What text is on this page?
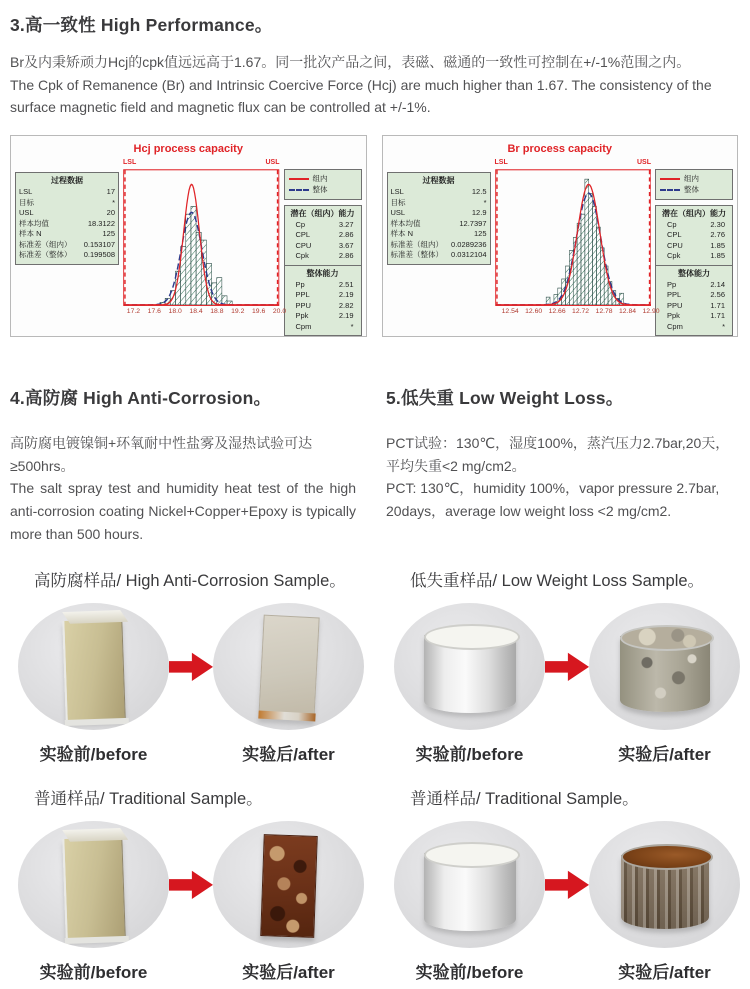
3.高一致性 High Performance。

Br及内秉矫顽力Hcj的cpk值远远高于1.67。同一批次产品之间，表磁、磁通的一致性可控制在+/-1%范围之内。

The Cpk of Remanence (Br) and Intrinsic Coercive Force (Hcj) are much higher than 1.67. The consistency of the surface magnetic field and magnetic flux can be controlled at +/-1%.

Hcj process capacity
过程数据
LSL	17
目标	*
USL	20
样本均值	18.3122
样本 N	125
标准差（组内） 0.153107
标准差（整体） 0.199508
LSL	USL
17.2 17.6 18.0 18.4 18.8 19.2 19.6 20.0
组内
整体
潜在（组内）能力
Cp	3.27
CPL	2.86
CPU	3.67
Cpk	2.86
整体能力
Pp	2.51
PPL	2.19
PPU	2.82
Ppk	2.19
Cpm	*
Br process capacity
过程数据
LSL	12.5
目标	*
USL	12.9
样本均值	12.7397
样本 N	125
标准差（组内） 0.0289236
标准差（整体） 0.0312104
LSL	USL
12.54 12.60 12.66 12.72 12.78 12.84 12.90
组内
整体
潜在（组内）能力
Cp	2.30
CPL	2.76
CPU	1.85
Cpk	1.85
整体能力
Pp	2.14
PPL	2.56
PPU	1.71
Ppk	1.71
Cpm	*
4.高防腐 High Anti-Corrosion。

高防腐电镀镍铜+环氧耐中性盐雾及湿热试验可达≥500hrs。

The salt spray test and humidity heat test of the high anti-corrosion coating Nickel+Copper+Epoxy is typically more than 500 hours.

5.低失重 Low Weight Loss。

PCT试验：130℃，湿度100%，蒸汽压力2.7bar,20天，平均失重<2 mg/cm2。

PCT: 130℃，humidity 100%，vapor pressure 2.7bar, 20days，average low weight loss <2 mg/cm2.

高防腐样品/ High Anti-Corrosion Sample。
实验前/before	实验后/after
低失重样品/ Low Weight Loss Sample。
实验前/before	实验后/after
普通样品/ Traditional Sample。
实验前/before	实验后/after
普通样品/ Traditional Sample。
实验前/before	实验后/after
